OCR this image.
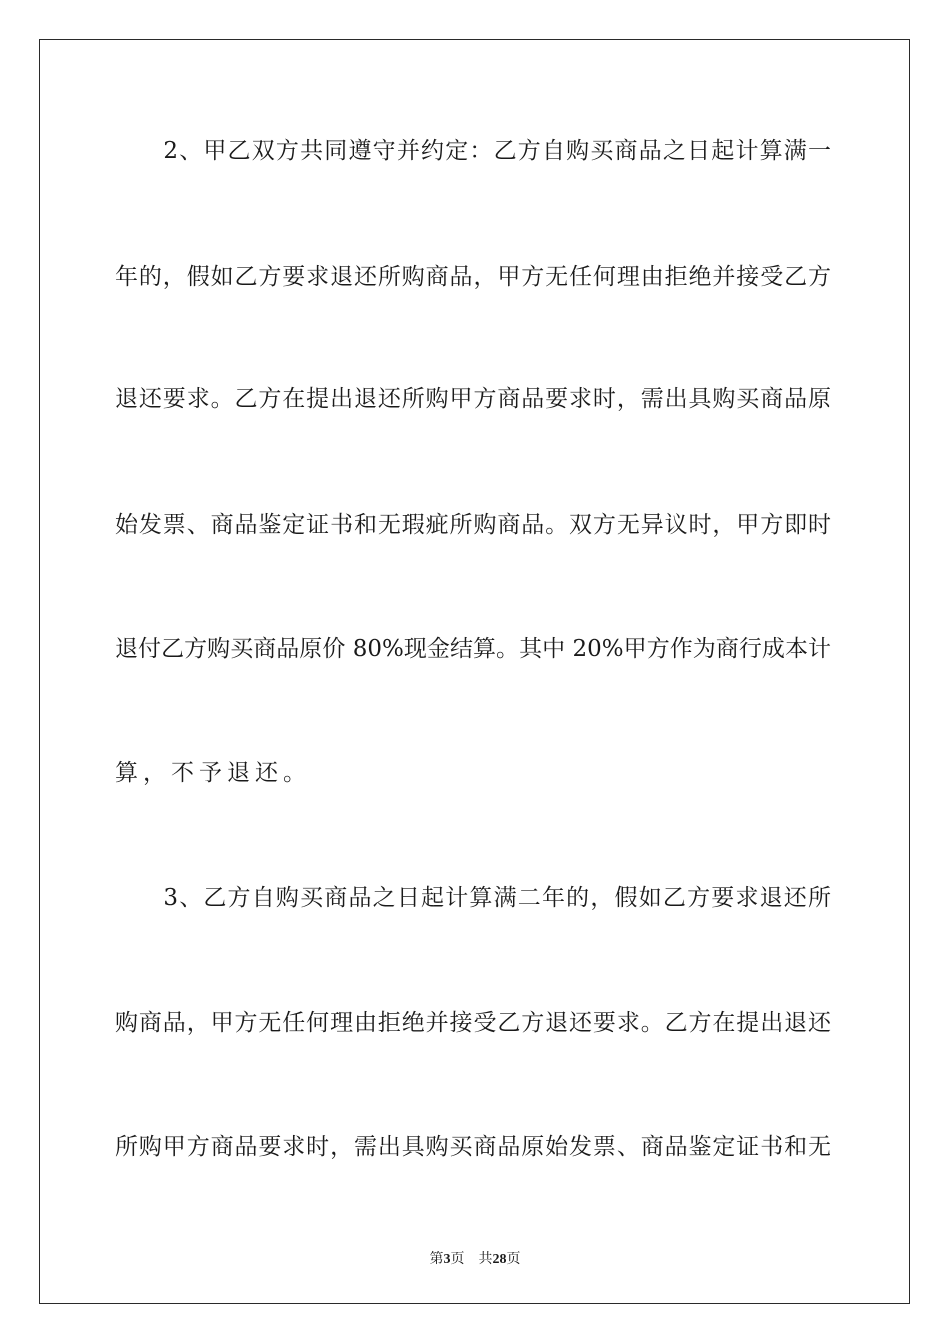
　　2、甲乙双方共同遵守并约定：乙方自购买商品之日起计算满一
年的，假如乙方要求退还所购商品，甲方无任何理由拒绝并接受乙方
退还要求。乙方在提出退还所购甲方商品要求时，需出具购买商品原
始发票、商品鉴定证书和无瑕疵所购商品。双方无异议时，甲方即时
退付乙方购买商品原价 80%现金结算。其中 20%甲方作为商行成本计
算，不予退还。
　　3、乙方自购买商品之日起计算满二年的，假如乙方要求退还所
购商品，甲方无任何理由拒绝并接受乙方退还要求。乙方在提出退还
所购甲方商品要求时，需出具购买商品原始发票、商品鉴定证书和无
第3页 共28页
